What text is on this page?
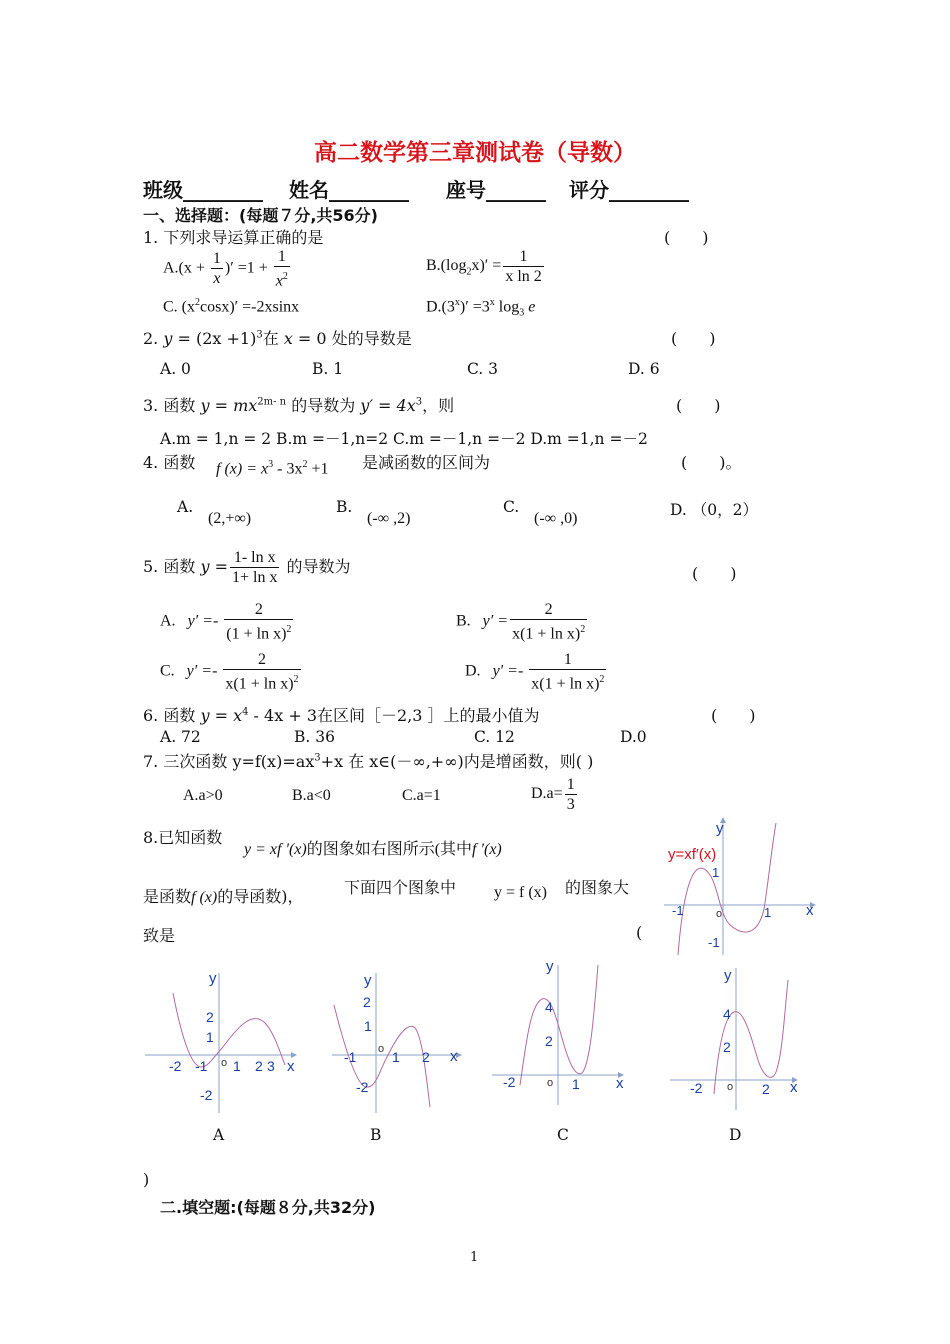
高二数学第三章测试卷（导数）
班级________ 姓名________ 座号______ 评分________
一、选择题：(每题７分,共56分)
1. 下列求导运算正确的是	(　　)
$A.(x + \frac{1}{x}$ )′ $=1 + \frac{1}{x^2}$	$B.(\log_2x)' = \frac{1}{\text{x ln 2}}$
C. $(x^2\cos x)' =-2xsinx$	$D.(3^x)' =3^x$ $\log_3 e$
2. $y = (2x +1)^3$在 x = 0 处的导数是	(　　)
A. 0	B. 1	C. 3	D. 6
3. 函数 $y = mx^{2m- n}$ 的导数为 $y' = 4x^3$，则	(　　)
A.m = 1,n = 2 B.m =－1,n=2 C.m =－1,n =－2 D.m =1,n =－2
4. 函数 f $(x) = x^3 - 3x^2 +1$ 是减函数的区间为	(　　)。
A.
(2,+∞)
B.
(-∞ ,2)
C.
(-∞ ,0)	D. （0，2）
5. 函数 $y = \frac{\text{1- ln x}}{\text{1+ ln x}}$ 的导数为	(　　)
A. $y' =- \frac{2}{(1 + \ln x)^2}$	B. $y' = \frac{2}{x(1 + \ln x)^2}$
C. $y' =- \frac{2}{x(1 + \ln x)^2}$	D. $y' =- \frac{1}{x(1 + \ln x)^2}$
6. 函数 $y = x^4 - 4x + 3$在区间［－2,3 ］上的最小值为	(　　)
A. 72	B. 36	C. 12	D.0
7. 三次函数 $y=f(x)=ax^3+x$ 在 x∈(－∞,+∞)内是增函数，则( )
A.a>0	B.a<0	C.a=1	$D.a= \frac{1}{3}$
8.已知函数
y = xf ′(x)的图象如右图所示(其中f ′(x)
是函数f (x)的导函数)，	下面四个图象中 y = f (x) 的图象大
致是	(
y=xf′(x)
y
x
1
-1
o	1
-1
y
x
2
1
-2 -1 1 2 3
-2
o
A
y
x
2
1
-1	1 2
-2
o
B
y
x
4
2
-2	1
o
C
y
x
4
2
-2	2
o
D
)
二.填空题:(每题８分,共32分)
1
